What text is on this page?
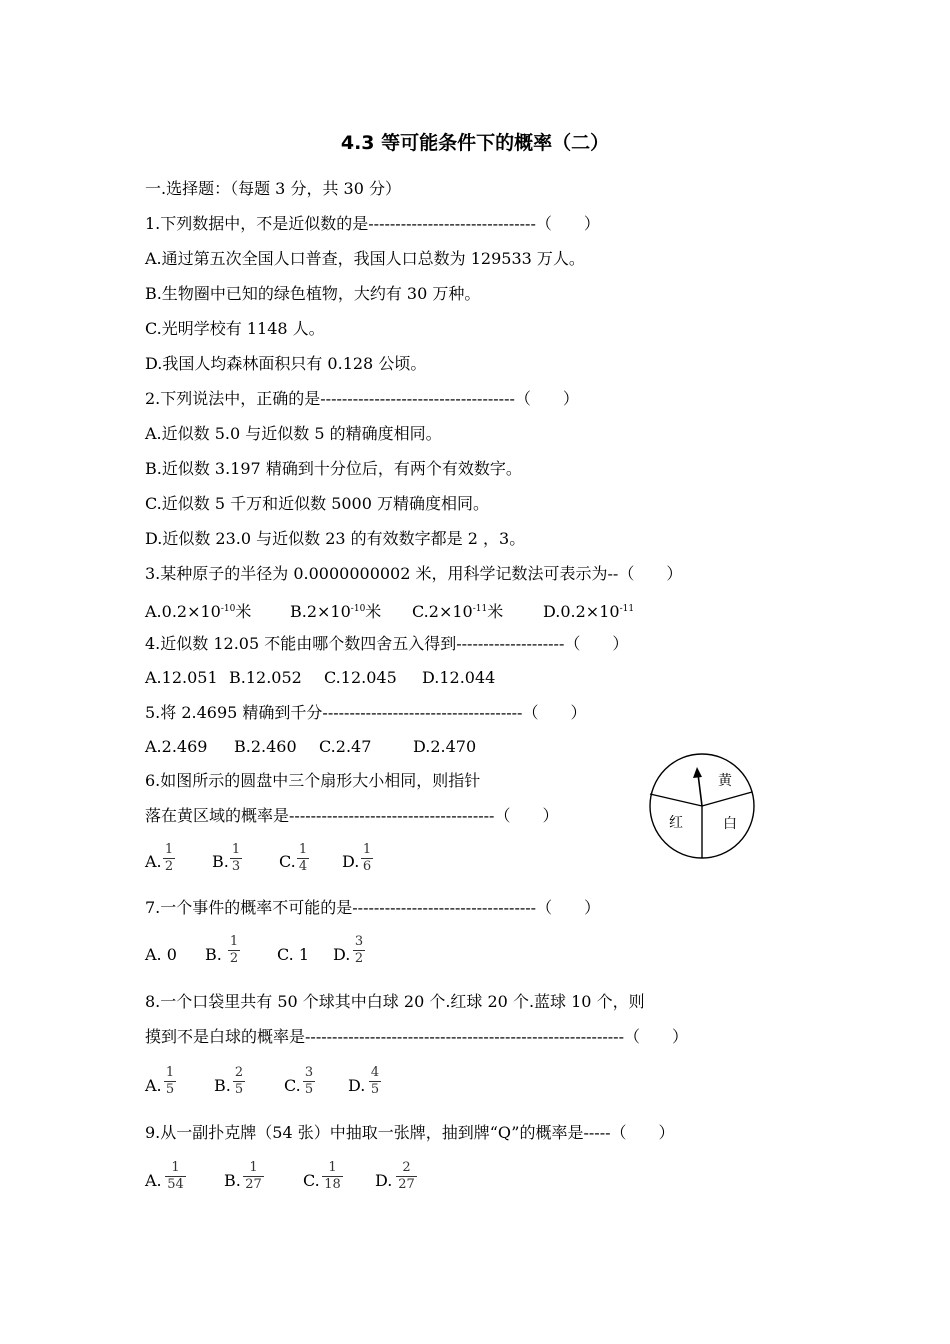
4.3 等可能条件下的概率（二）
一.选择题：（每题 3 分，共 30 分）
1.下列数据中，不是近似数的是-------------------------------（　　）
A.通过第五次全国人口普查，我国人口总数为 129533 万人。
B.生物圈中已知的绿色植物，大约有 30 万种。
C.光明学校有 1148 人。
D.我国人均森林面积只有 0.128 公顷。
2.下列说法中，正确的是------------------------------------（　　）
A.近似数 5.0 与近似数 5 的精确度相同。
B.近似数 3.197 精确到十分位后，有两个有效数字。
C.近似数 5 千万和近似数 5000 万精确度相同。
D.近似数 23.0 与近似数 23 的有效数字都是 2 ，3。
3.某种原子的半径为 0.0000000002 米，用科学记数法可表示为--（　　）
$A.0.2\times 10^{-10}$米 $B.2\times 10^{-10}$米 $C.2\times 10^{-11}$米 $D.0.2\times 10^{-11}$
4.近似数 12.05 不能由哪个数四舍五入得到--------------------（　　）
A.12.051 B.12.052 C.12.045 D.12.044
5.将 2.4695 精确到千分-------------------------------------（　　）
A.2.469 B.2.460 C.2.47	D.2.470
6.如图所示的圆盘中三个扇形大小相同，则指针
落在黄区域的概率是--------------------------------------（　　）
黄
红	白
A.
1
2 B.
1
3 C.
1
4 D.
1
6
7.一个事件的概率不可能的是----------------------------------（　　）
A. 0 B.
1
2 C. 1 D.
3
2
8.一个口袋里共有 50 个球其中白球 20 个.红球 20 个.蓝球 10 个，则
摸到不是白球的概率是-----------------------------------------------------------（　　）
A.
1
5 B.
2
5	C.
3
5 D.
4
5
9.从一副扑克牌（54 张）中抽取一张牌，抽到牌“Q”的概率是-----（　　）
A.
1
54	B.
1
27	C.
1
18 D.
2
27
